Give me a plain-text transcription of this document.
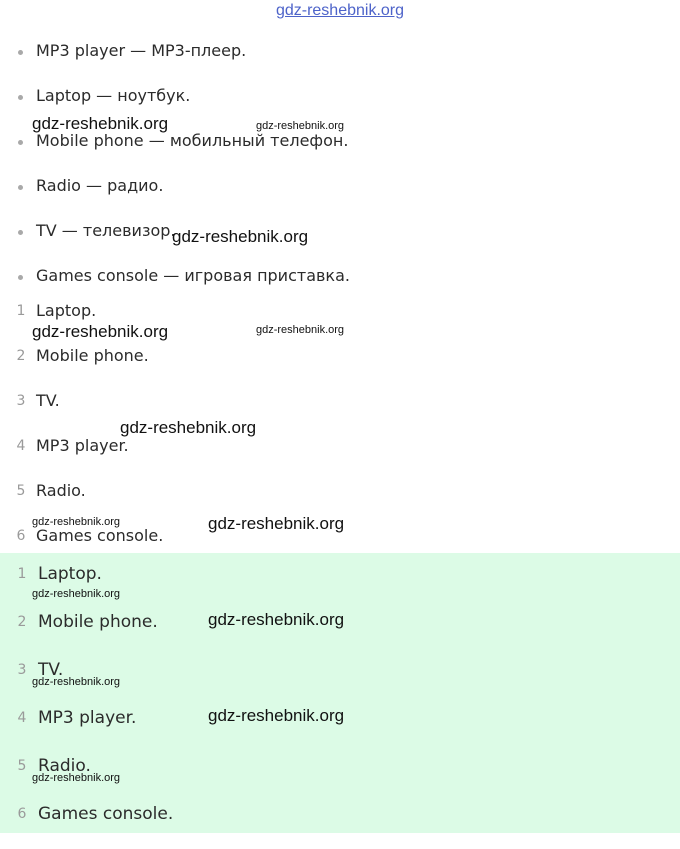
gdz-reshebnik.org
MP3 player — MP3-плеер.
Laptop — ноутбук.
Mobile phone — мобильный телефон.
Radio — радио.
TV — телевизор.
Games console — игровая приставка.
1 Laptop.
2 Mobile phone.
3 TV.
4 MP3 player.
5 Radio.
6 Games console.
1 Laptop.
2 Mobile phone.
3 TV.
4 MP3 player.
5 Radio.
6 Games console.
gdz-reshebnik.org	gdz-reshebnik.org
gdz-reshebnik.org
gdz-reshebnik.org	gdz-reshebnik.org
gdz-reshebnik.org
gdz-reshebnik.org	gdz-reshebnik.org
gdz-reshebnik.org
gdz-reshebnik.org
gdz-reshebnik.org
gdz-reshebnik.org
gdz-reshebnik.org
